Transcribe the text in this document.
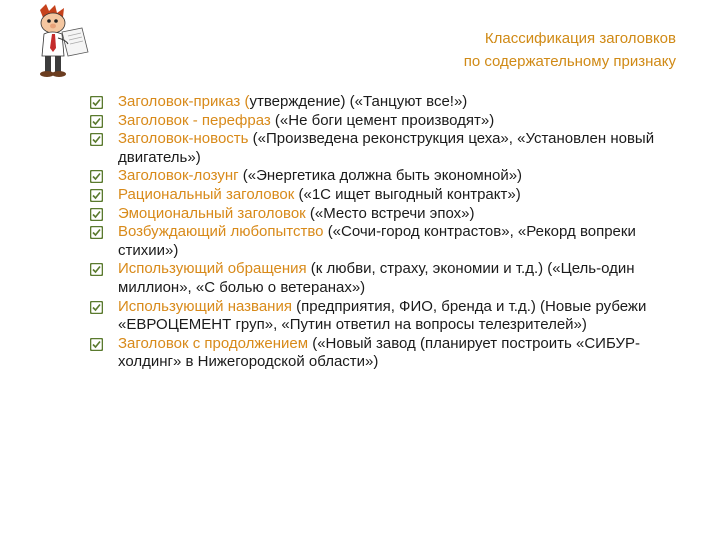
Классификация заголовков
по содержательному признаку
Заголовок-приказ (утверждение) («Танцуют все!»)
Заголовок - перефраз («Не боги цемент производят»)
Заголовок-новость («Произведена реконструкция цеха», «Установлен новый двигатель»)
Заголовок-лозунг («Энергетика должна быть экономной»)
Рациональный заголовок («1С ищет выгодный контракт»)
Эмоциональный заголовок («Место встречи эпох»)
Возбуждающий любопытство («Сочи-город контрастов», «Рекорд вопреки стихии»)
Использующий обращения (к любви, страху, экономии и т.д.) («Цель-один миллион», «С болью о ветеранах»)
Использующий названия (предприятия, ФИО, бренда и т.д.) (Новые рубежи «ЕВРОЦЕМЕНТ груп», «Путин ответил на вопросы телезрителей»)
Заголовок с продолжением («Новый завод (планирует построить «СИБУР-холдинг» в Нижегородской области»)
